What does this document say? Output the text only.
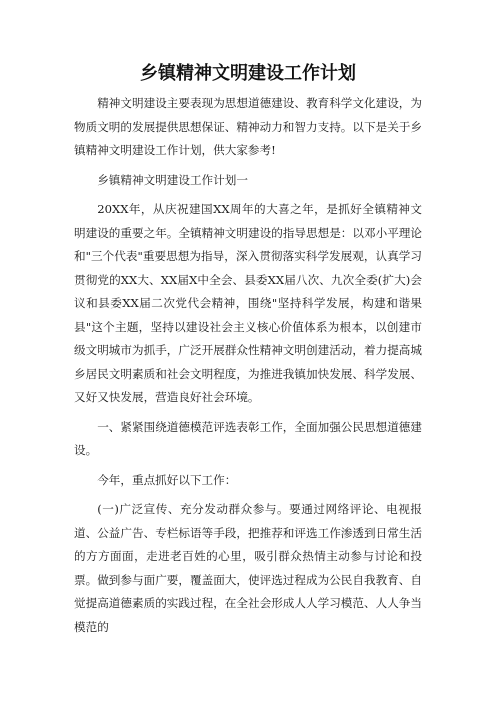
乡镇精神文明建设工作计划

精神文明建设主要表现为思想道德建设、教育科学文化建设，为物质文明的发展提供思想保证、精神动力和智力支持。以下是关于乡镇精神文明建设工作计划，供大家参考!

乡镇精神文明建设工作计划一

20XX年，从庆祝建国XX周年的大喜之年，是抓好全镇精神文明建设的重要之年。全镇精神文明建设的指导思想是：以邓小平理论和"三个代表"重要思想为指导，深入贯彻落实科学发展观，认真学习贯彻党的XX大、XX届X中全会、县委XX届八次、九次全委(扩大)会议和县委XX届二次党代会精神，围绕"坚持科学发展，构建和谐果县"这个主题，坚持以建设社会主义核心价值体系为根本，以创建市级文明城市为抓手，广泛开展群众性精神文明创建活动，着力提高城乡居民文明素质和社会文明程度，为推进我镇加快发展、科学发展、又好又快发展，营造良好社会环境。

一、紧紧围绕道德模范评选表彰工作，全面加强公民思想道德建设。

今年，重点抓好以下工作：

(一)广泛宣传、充分发动群众参与。要通过网络评论、电视报道、公益广告、专栏标语等手段，把推荐和评选工作渗透到日常生活的方方面面，走进老百姓的心里，吸引群众热情主动参与讨论和投票。做到参与面广要，覆盖面大，使评选过程成为公民自我教育、自觉提高道德素质的实践过程，在全社会形成人人学习模范、人人争当模范的
